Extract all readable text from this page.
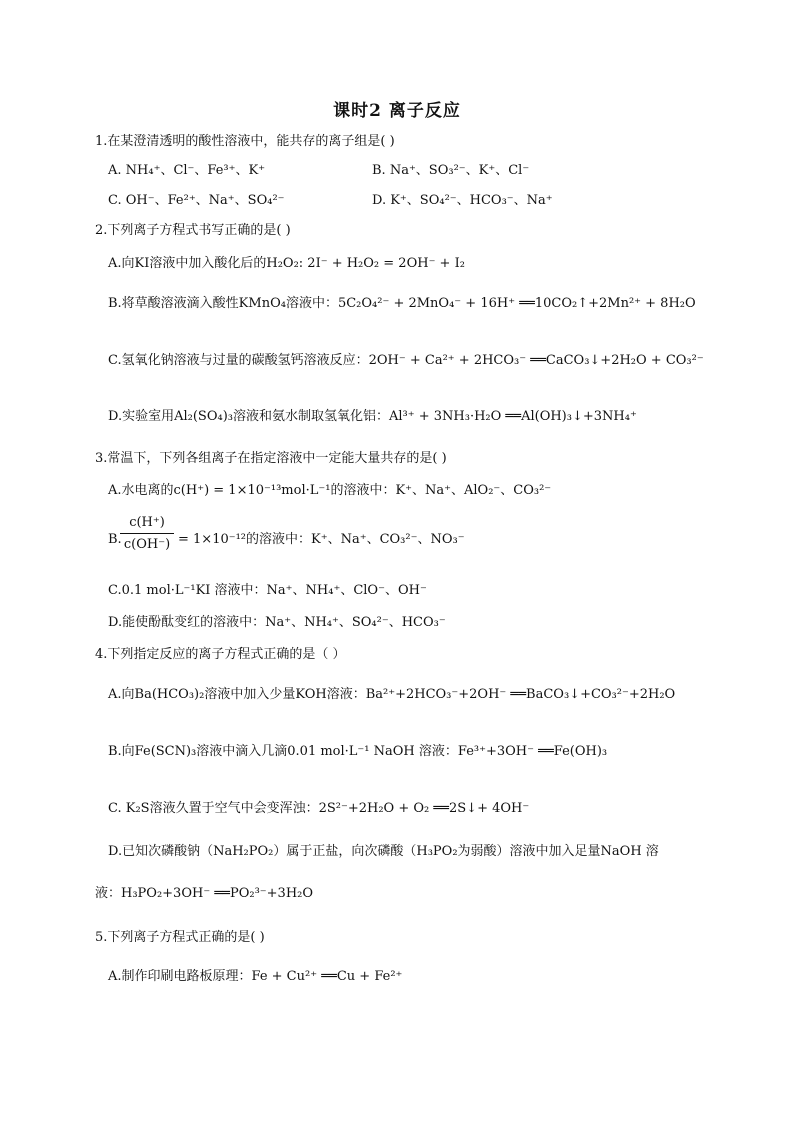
课时2 离子反应
1.在某澄清透明的酸性溶液中，能共存的离子组是( )
A. NH₄⁺、Cl⁻、Fe³⁺、K⁺	B. Na⁺、SO₃²⁻、K⁺、Cl⁻
C. OH⁻、Fe²⁺、Na⁺、SO₄²⁻	D. K⁺、SO₄²⁻、HCO₃⁻、Na⁺
2.下列离子方程式书写正确的是( )
A.向KI溶液中加入酸化后的H₂O₂: 2I⁻ + H₂O₂ = 2OH⁻ + I₂
B.将草酸溶液滴入酸性KMnO₄溶液中：5C₂O₄²⁻ + 2MnO₄⁻ + 16H⁺ ══10CO₂↑+2Mn²⁺ + 8H₂O
C.氢氧化钠溶液与过量的碳酸氢钙溶液反应：2OH⁻ + Ca²⁺ + 2HCO₃⁻ ══CaCO₃↓+2H₂O + CO₃²⁻
D.实验室用Al₂(SO₄)₃溶液和氨水制取氢氧化铝：Al³⁺ + 3NH₃·H₂O ══Al(OH)₃↓+3NH₄⁺
3.常温下，下列各组离子在指定溶液中一定能大量共存的是( )
A.水电离的c(H⁺) = 1×10⁻¹³mol·L⁻¹的溶液中：K⁺、Na⁺、AlO₂⁻、CO₃²⁻
B.
$\frac{c(H^+)}{c(OH^-)} = 1\times 10^{-12}$的溶液中：K⁺、Na⁺、CO₃²⁻、NO₃⁻
C.0.1 mol·L⁻¹KI 溶液中：Na⁺、NH₄⁺、ClO⁻、OH⁻
D.能使酚酞变红的溶液中：Na⁺、NH₄⁺、SO₄²⁻、HCO₃⁻
4.下列指定反应的离子方程式正确的是（ ）
A.向Ba(HCO₃)₂溶液中加入少量KOH溶液：Ba²⁺+2HCO₃⁻+2OH⁻ ══BaCO₃↓+CO₃²⁻+2H₂O
B.向Fe(SCN)₃溶液中滴入几滴0.01 mol·L⁻¹ NaOH 溶液：Fe³⁺+3OH⁻ ══Fe(OH)₃
C. K₂S溶液久置于空气中会变浑浊：2S²⁻+2H₂O + O₂ ══2S↓+ 4OH⁻
D.已知次磷酸钠（NaH₂PO₂）属于正盐，向次磷酸（H₃PO₂为弱酸）溶液中加入足量NaOH 溶
液：H₃PO₂+3OH⁻ ══PO₂³⁻+3H₂O
5.下列离子方程式正确的是( )
A.制作印刷电路板原理：Fe + Cu²⁺ ══Cu + Fe²⁺
